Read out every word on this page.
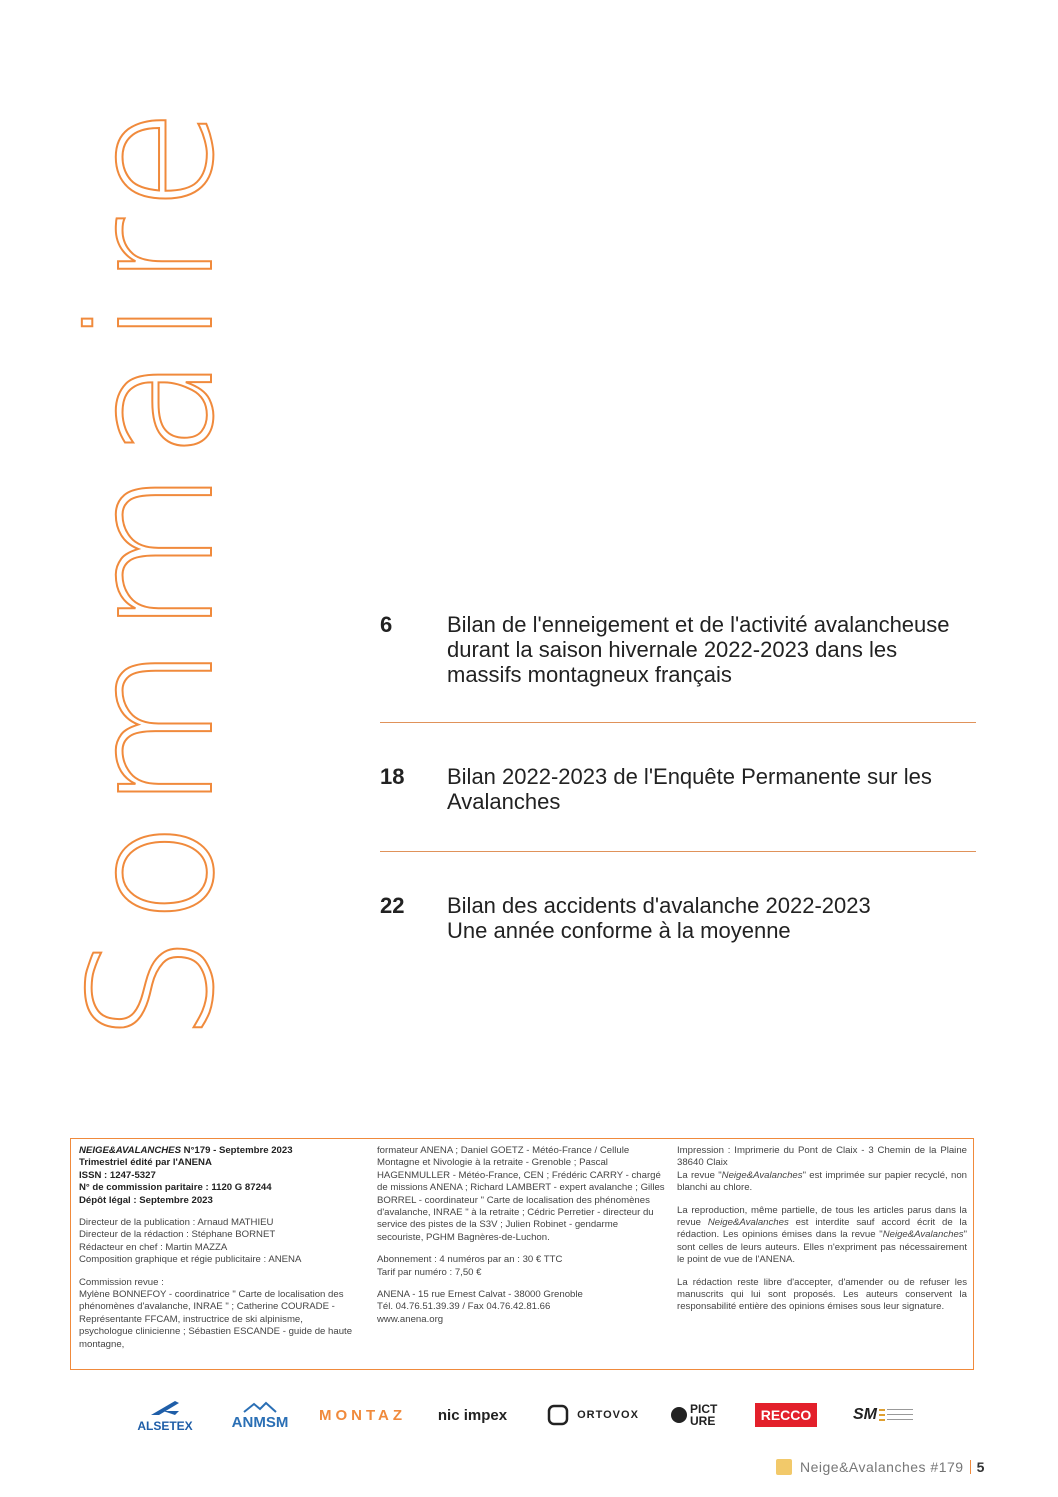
Sommaire	6	Bilan de l'enneigement et de l'activité avalancheuse
durant la saison hivernale 2022-2023 dans les
massifs montagneux français
18	Bilan 2022-2023 de l'Enquête Permanente sur les
Avalanches
22	Bilan des accidents d'avalanche 2022-2023
Une année conforme à la moyenne

NEIGE&AVALANCHES N°179 - Septembre 2023

Trimestriel édité par l'ANENA

ISSN : 1247-5327

N° de commission paritaire : 1120 G 87244

Dépôt légal : Septembre 2023

Directeur de la publication : Arnaud MATHIEU

Directeur de la rédaction : Stéphane BORNET

Rédacteur en chef : Martin MAZZA

Composition graphique et régie publicitaire : ANENA

Commission revue :

Mylène BONNEFOY - coordinatrice " Carte de localisation des phénomènes d'avalanche, INRAE " ; Catherine COURADE - Représentante FFCAM, instructrice de ski alpinisme, psychologue clinicienne ; Sébastien ESCANDE - guide de haute montagne,

formateur ANENA ; Daniel GOETZ - Météo-France / Cellule Montagne et Nivologie à la retraite - Grenoble ; Pascal HAGENMULLER - Météo-France, CEN ; Frédéric CARRY - chargé de missions ANENA ; Richard LAMBERT - expert avalanche ; Gilles BORREL - coordinateur " Carte de localisation des phénomènes d'avalanche, INRAE " à la retraite ; Cédric Perretier - directeur du service des pistes de la S3V ; Julien Robinet - gendarme secouriste, PGHM Bagnères-de-Luchon.

Abonnement : 4 numéros par an : 30 € TTC

Tarif par numéro : 7,50 €

ANENA - 15 rue Ernest Calvat - 38000 Grenoble

Tél. 04.76.51.39.39 / Fax 04.76.42.81.66

www.anena.org

Impression : Imprimerie du Pont de Claix - 3 Chemin de la Plaine 38640 Claix

La revue "Neige&Avalanches" est imprimée sur papier recyclé, non blanchi au chlore.

La reproduction, même partielle, de tous les articles parus dans la revue Neige&Avalanches est interdite sauf accord écrit de la rédaction. Les opinions émises dans la revue "Neige&Avalanches" sont celles de leurs auteurs. Elles n'expriment pas nécessairement le point de vue de l'ANENA.

La rédaction reste libre d'accepter, d'amender ou de refuser les manuscrits qui lui sont proposés. Les auteurs conservent la responsabilité entière des opinions émises sous leur signature.

ALSETEX	ANMSM MONTAZ nic impex	ORTOVOX	PICT URE	RECCO	SM
Neige&Avalanches #179 5
